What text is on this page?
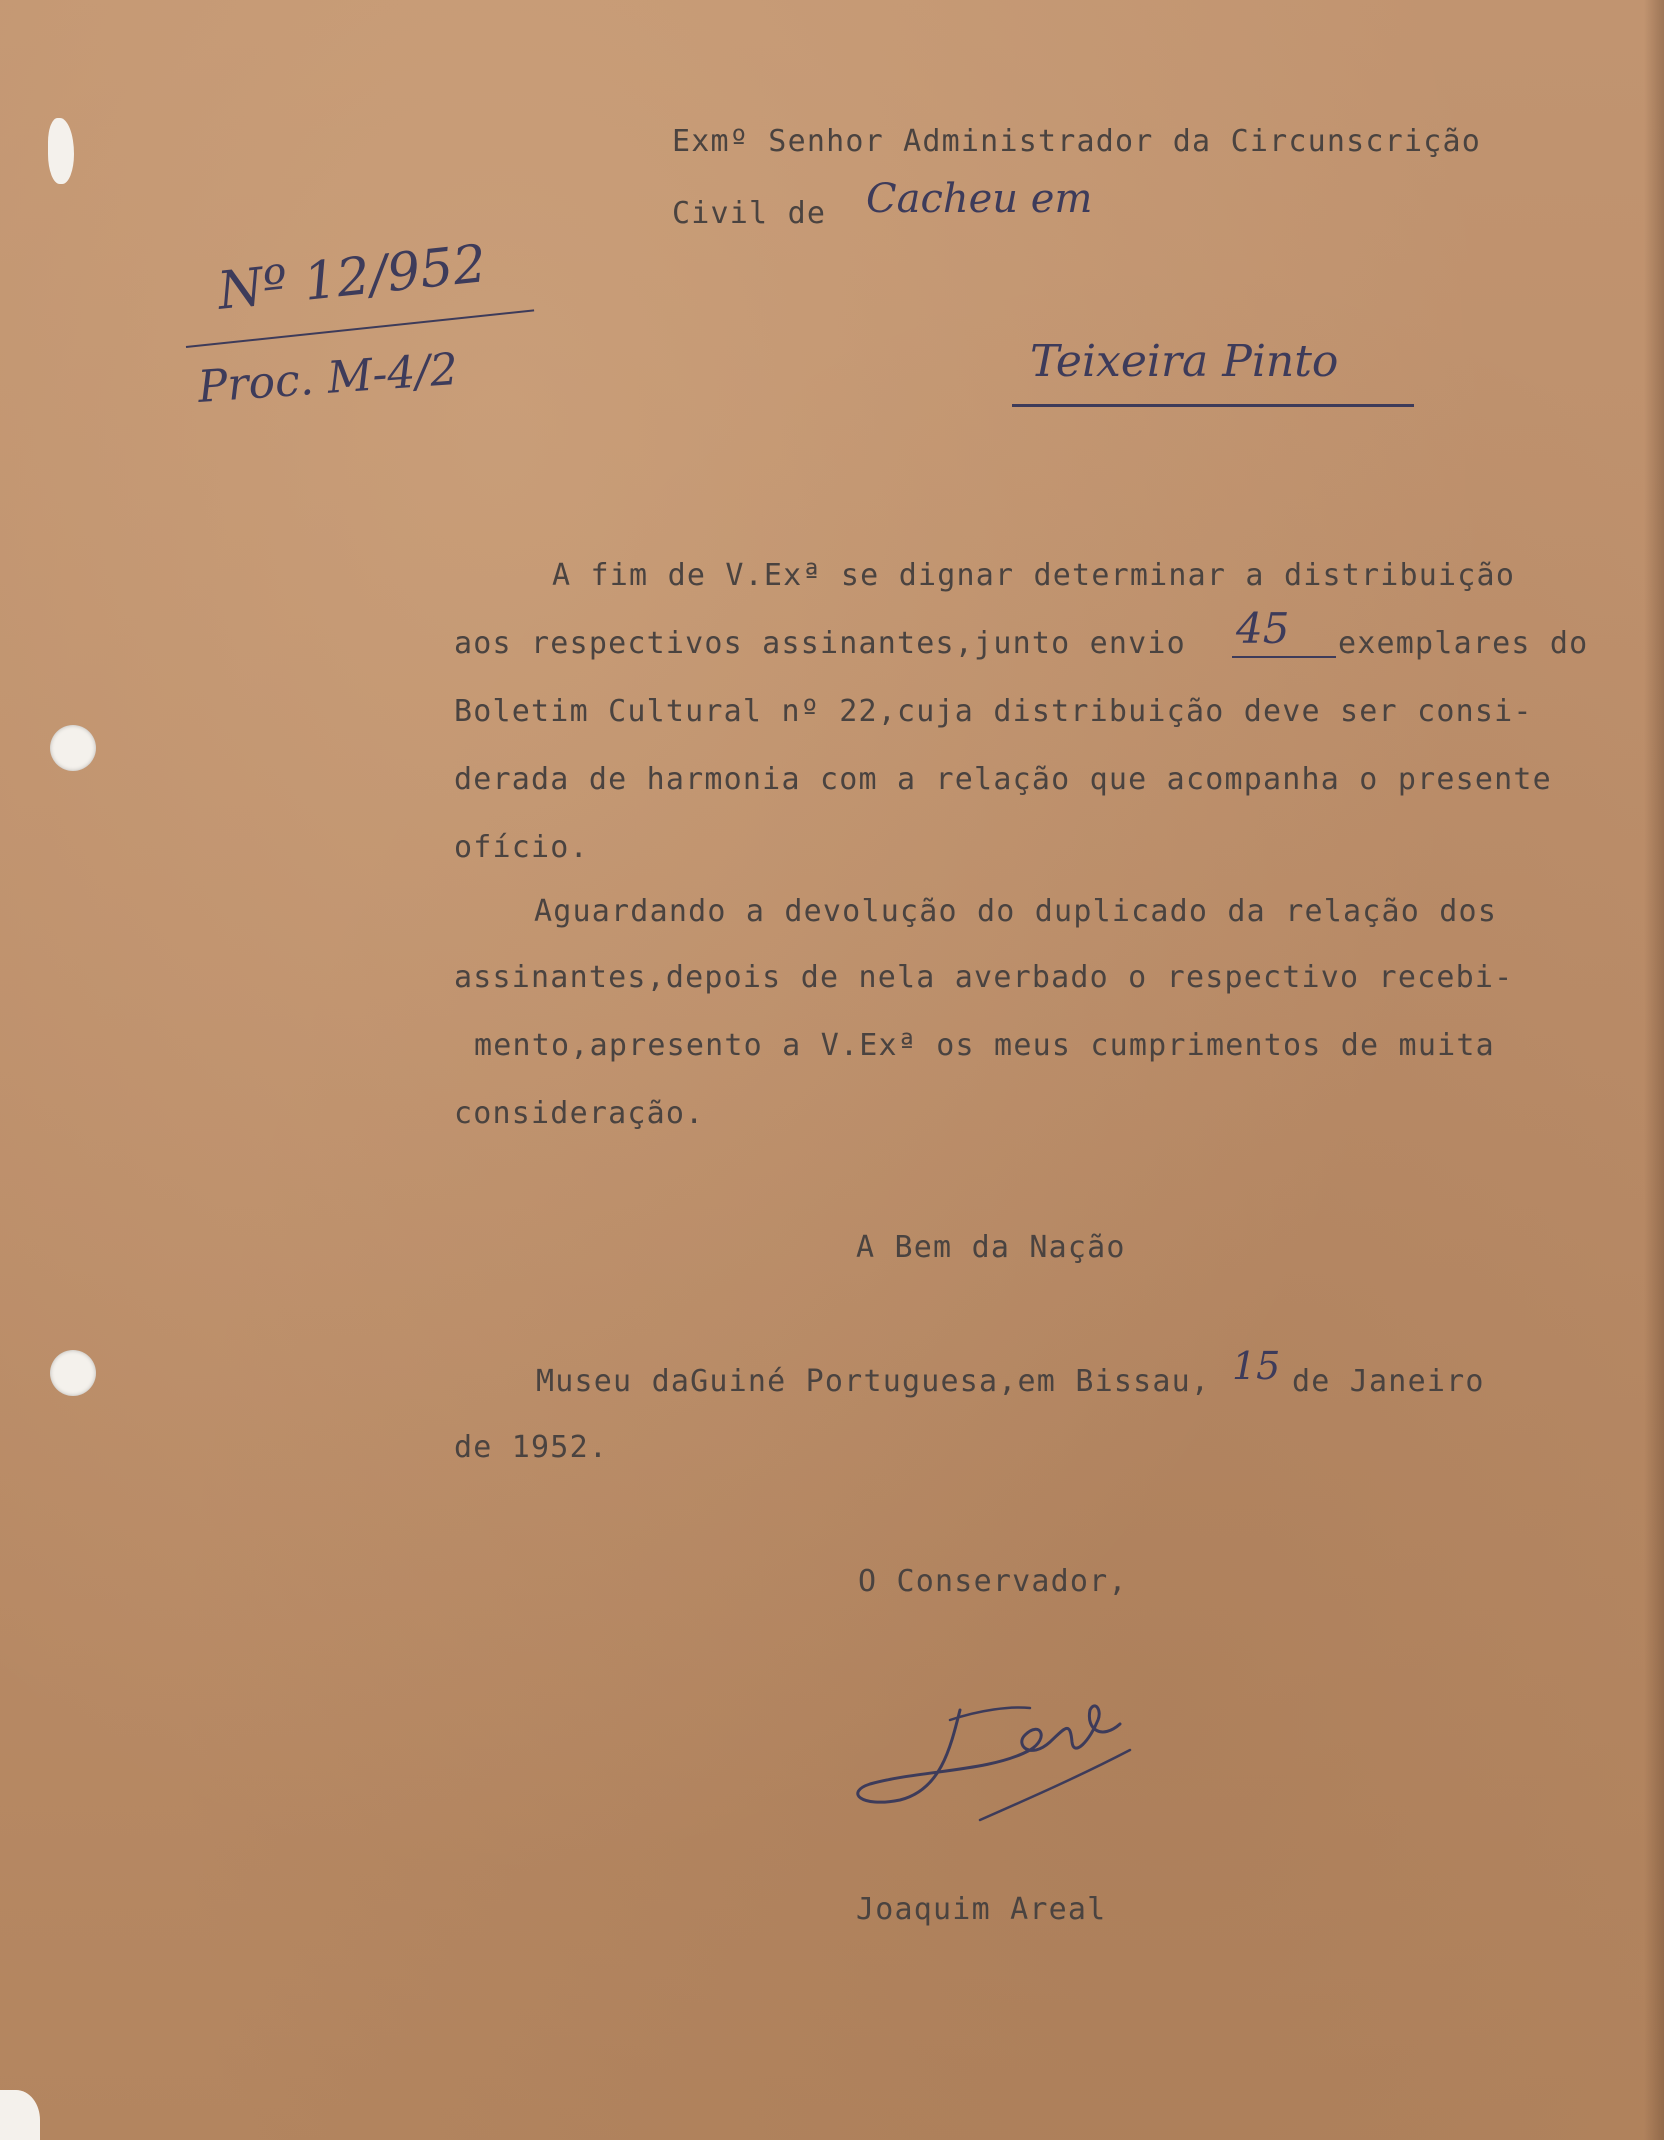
Exmº Senhor Administrador da Circunscrição
Civil de Cacheu em
Nº 12/952
Proc. M-4/2	Teixeira Pinto
A fim de V.Exª se dignar determinar a distribuição
aos respectivos assinantes,junto envio 45 exemplares do
Boletim Cultural nº 22,cuja distribuição deve ser consi-
derada de harmonia com a relação que acompanha o presente
ofício.
Aguardando a devolução do duplicado da relação dos
assinantes,depois de nela averbado o respectivo recebi-
mento,apresento a V.Exª os meus cumprimentos de muita
consideração.
A Bem da Nação
Museu daGuiné Portuguesa,em Bissau, 15 de Janeiro
de 1952.
O Conservador,
Joaquim Areal
